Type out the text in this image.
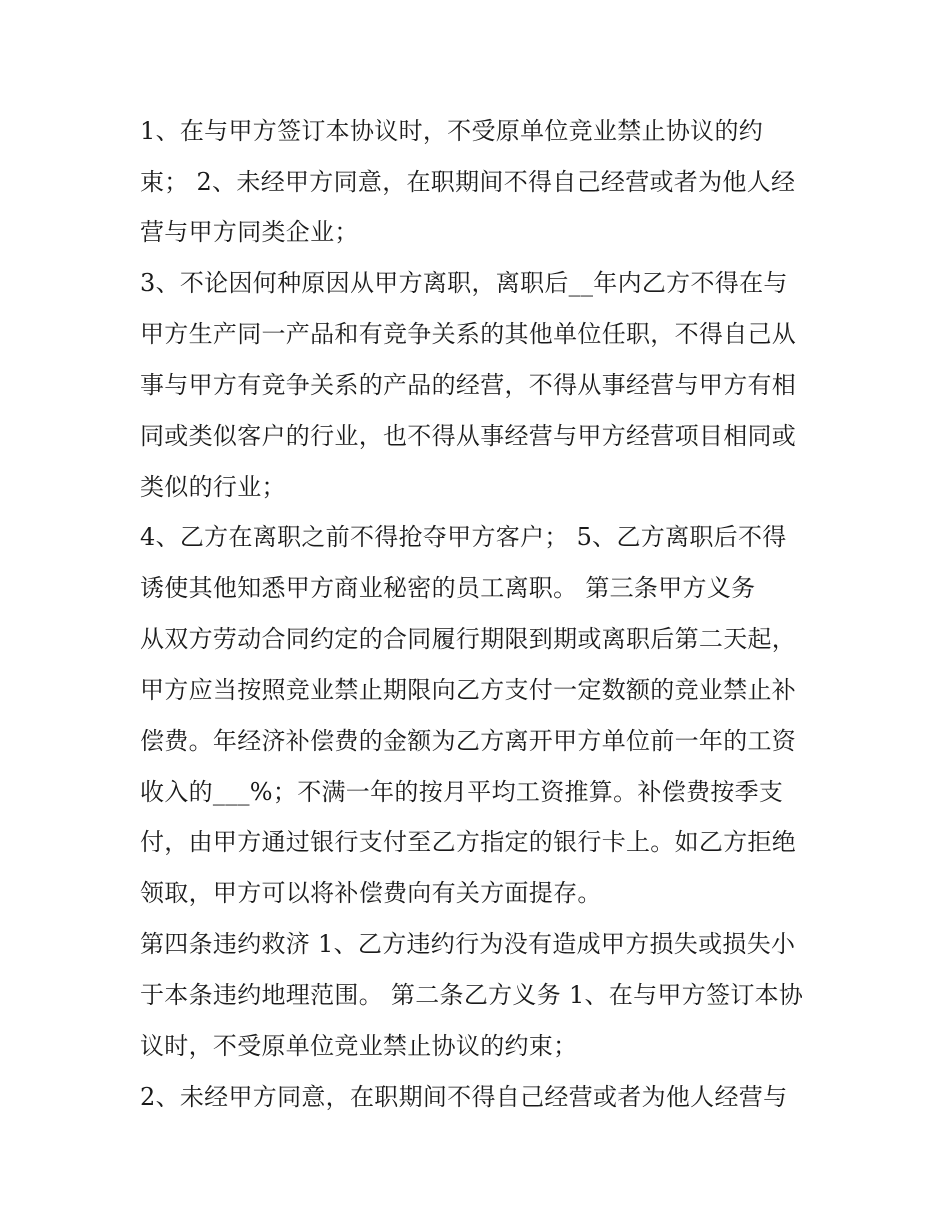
1、在与甲方签订本协议时，不受原单位竞业禁止协议的约
束； 2、未经甲方同意，在职期间不得自己经营或者为他人经
营与甲方同类企业；
3、不论因何种原因从甲方离职，离职后__年内乙方不得在与
甲方生产同一产品和有竞争关系的其他单位任职，不得自己从
事与甲方有竞争关系的产品的经营，不得从事经营与甲方有相
同或类似客户的行业，也不得从事经营与甲方经营项目相同或
类似的行业；
4、乙方在离职之前不得抢夺甲方客户； 5、乙方离职后不得
诱使其他知悉甲方商业秘密的员工离职。 第三条甲方义务
从双方劳动合同约定的合同履行期限到期或离职后第二天起，
甲方应当按照竞业禁止期限向乙方支付一定数额的竞业禁止补
偿费。年经济补偿费的金额为乙方离开甲方单位前一年的工资
收入的___%；不满一年的按月平均工资推算。补偿费按季支
付，由甲方通过银行支付至乙方指定的银行卡上。如乙方拒绝
领取，甲方可以将补偿费向有关方面提存。
第四条违约救济 1、乙方违约行为没有造成甲方损失或损失小
于本条违约地理范围。 第二条乙方义务 1、在与甲方签订本协
议时，不受原单位竞业禁止协议的约束；
2、未经甲方同意，在职期间不得自己经营或者为他人经营与
